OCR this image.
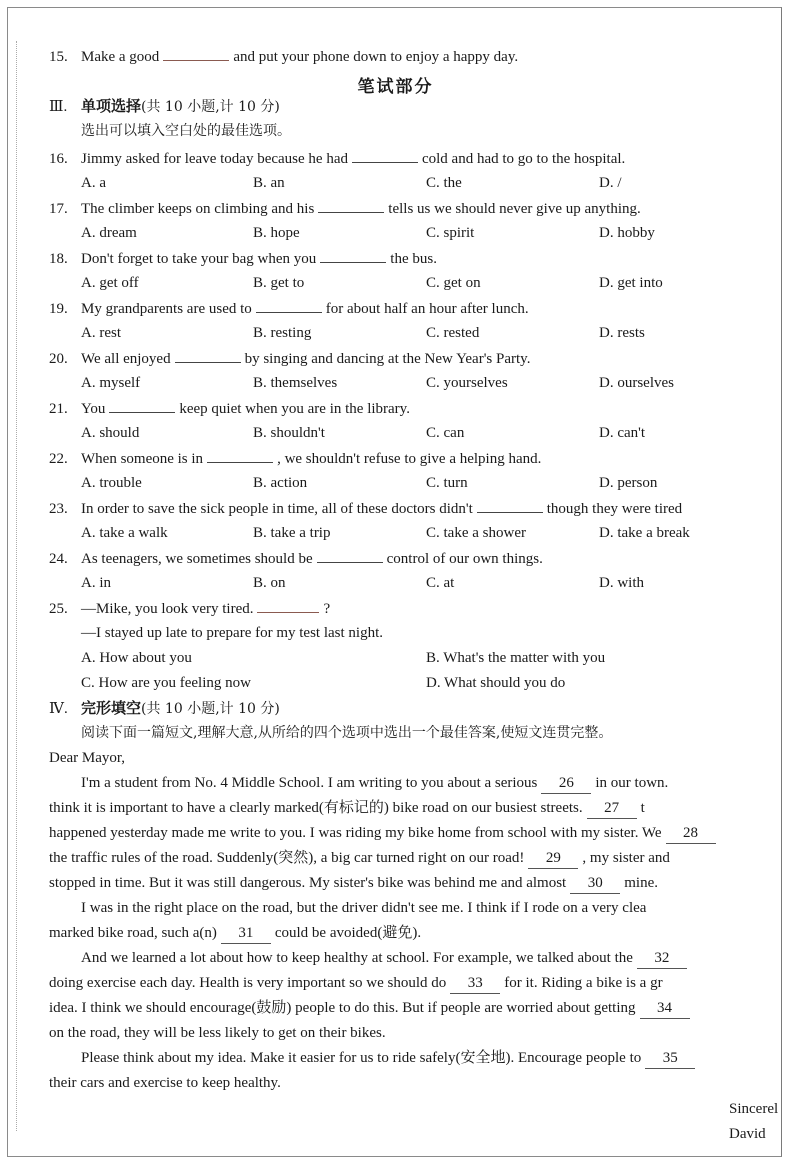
15. Make a good	and put your phone down to enjoy a happy day.
笔试部分
Ⅲ. 单项选择(共 10 小题,计 10 分)
选出可以填入空白处的最佳选项。
16. Jimmy asked for leave today because he had	cold and had to go to the hospital.
A. a	B. an	C. the	D. /
17. The climber keeps on climbing and his	tells us we should never give up anything.
A. dream	B. hope	C. spirit	D. hobby
18. Don't forget to take your bag when you	the bus.
A. get off	B. get to	C. get on	D. get into
19. My grandparents are used to	for about half an hour after lunch.
A. rest	B. resting	C. rested	D. rests
20. We all enjoyed	by singing and dancing at the New Year's Party.
A. myself	B. themselves	C. yourselves	D. ourselves
21. You	keep quiet when you are in the library.
A. should	B. shouldn't	C. can	D. can't
22. When someone is in	, we shouldn't refuse to give a helping hand.
A. trouble	B. action	C. turn	D. person
23. In order to save the sick people in time, all of these doctors didn't	though they were tired
A. take a walk	B. take a trip	C. take a shower	D. take a break
24. As teenagers, we sometimes should be	control of our own things.
A. in	B. on	C. at	D. with
25. —Mike, you look very tired.	?
—I stayed up late to prepare for my test last night.
A. How about you	B. What's the matter with you
C. How are you feeling now	D. What should you do
Ⅳ. 完形填空(共 10 小题,计 10 分)
阅读下面一篇短文,理解大意,从所给的四个选项中选出一个最佳答案,使短文连贯完整。
Dear Mayor,
I'm a student from No. 4 Middle School. I am writing to you about a serious 26 in our town.
think it is important to have a clearly marked(有标记的) bike road on our busiest streets. 27 t
happened yesterday made me write to you. I was riding my bike home from school with my sister. We 28
the traffic rules of the road. Suddenly(突然), a big car turned right on our road! 29 , my sister and
stopped in time. But it was still dangerous. My sister's bike was behind me and almost 30 mine.
I was in the right place on the road, but the driver didn't see me. I think if I rode on a very clea
marked bike road, such a(n) 31 could be avoided(避免).
And we learned a lot about how to keep healthy at school. For example, we talked about the 32
doing exercise each day. Health is very important so we should do 33 for it. Riding a bike is a gr
idea. I think we should encourage(鼓励) people to do this. But if people are worried about getting 34
on the road, they will be less likely to get on their bikes.
Please think about my idea. Make it easier for us to ride safely(安全地). Encourage people to 35
their cars and exercise to keep healthy.
Sincerel
David
